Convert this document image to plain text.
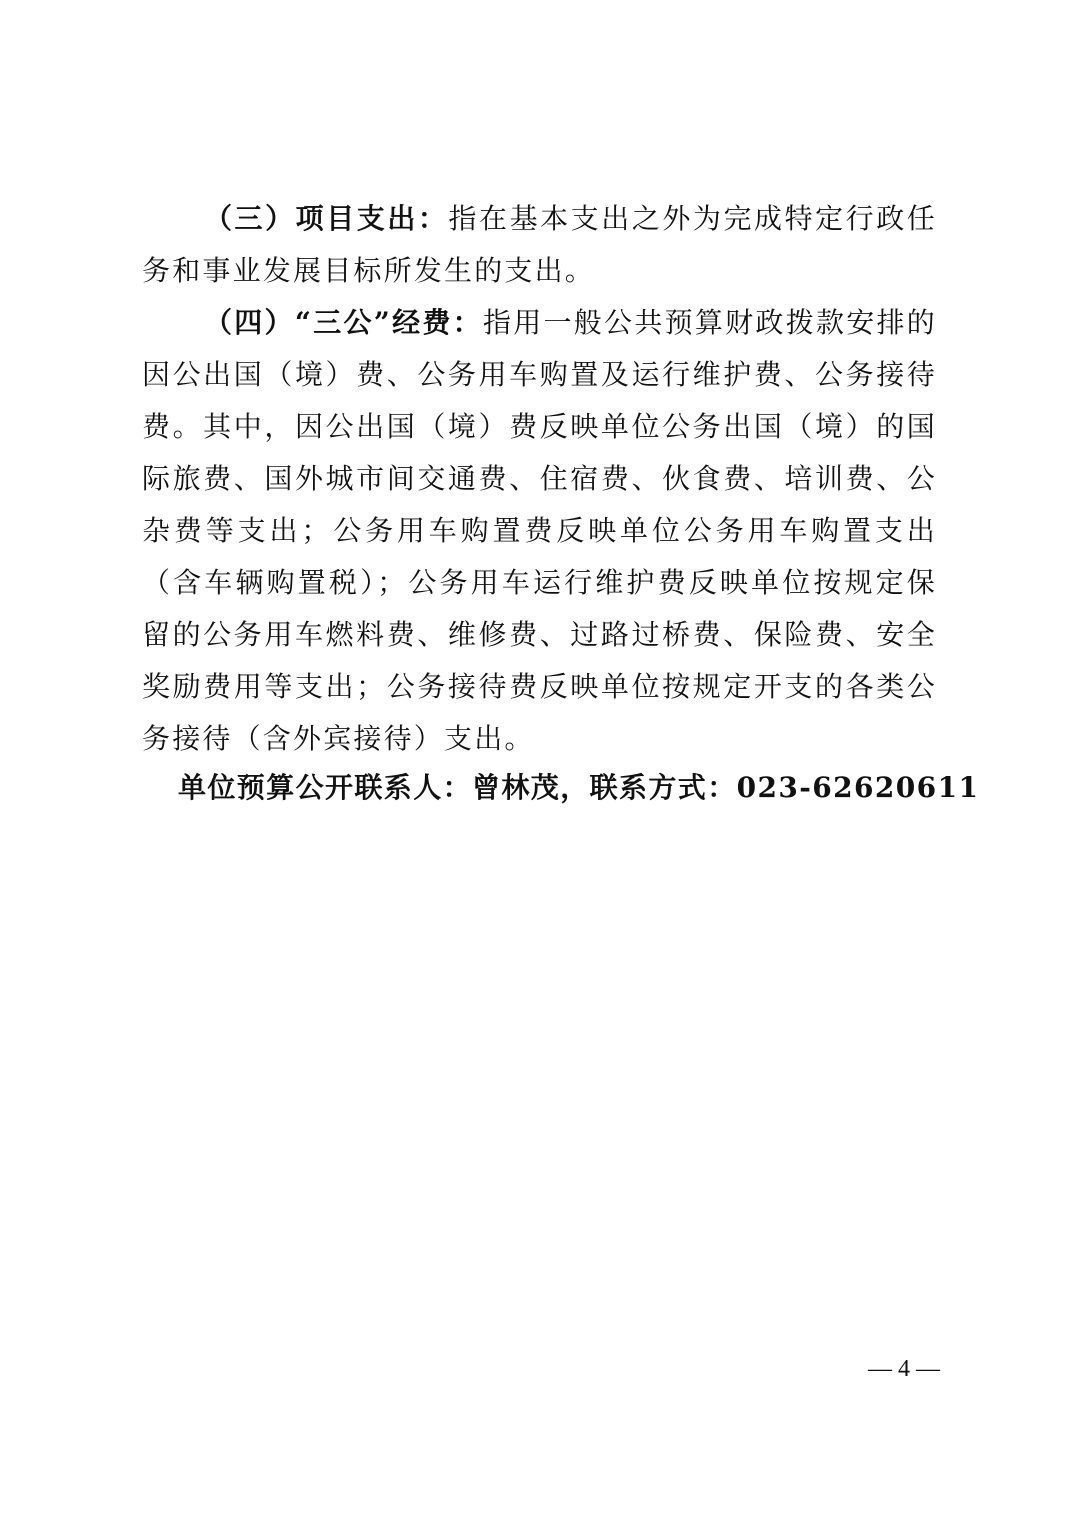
（三）项目支出：指在基本支出之外为完成特定行政任务和事业发展目标所发生的支出。

（四）“三公”经费：指用一般公共预算财政拨款安排的因公出国（境）费、公务用车购置及运行维护费、公务接待费。其中，因公出国（境）费反映单位公务出国（境）的国际旅费、国外城市间交通费、住宿费、伙食费、培训费、公杂费等支出；公务用车购置费反映单位公务用车购置支出（含车辆购置税）；公务用车运行维护费反映单位按规定保留的公务用车燃料费、维修费、过路过桥费、保险费、安全奖励费用等支出；公务接待费反映单位按规定开支的各类公务接待（含外宾接待）支出。

单位预算公开联系人：曾林茂，联系方式：023-62620611

— 4 —
